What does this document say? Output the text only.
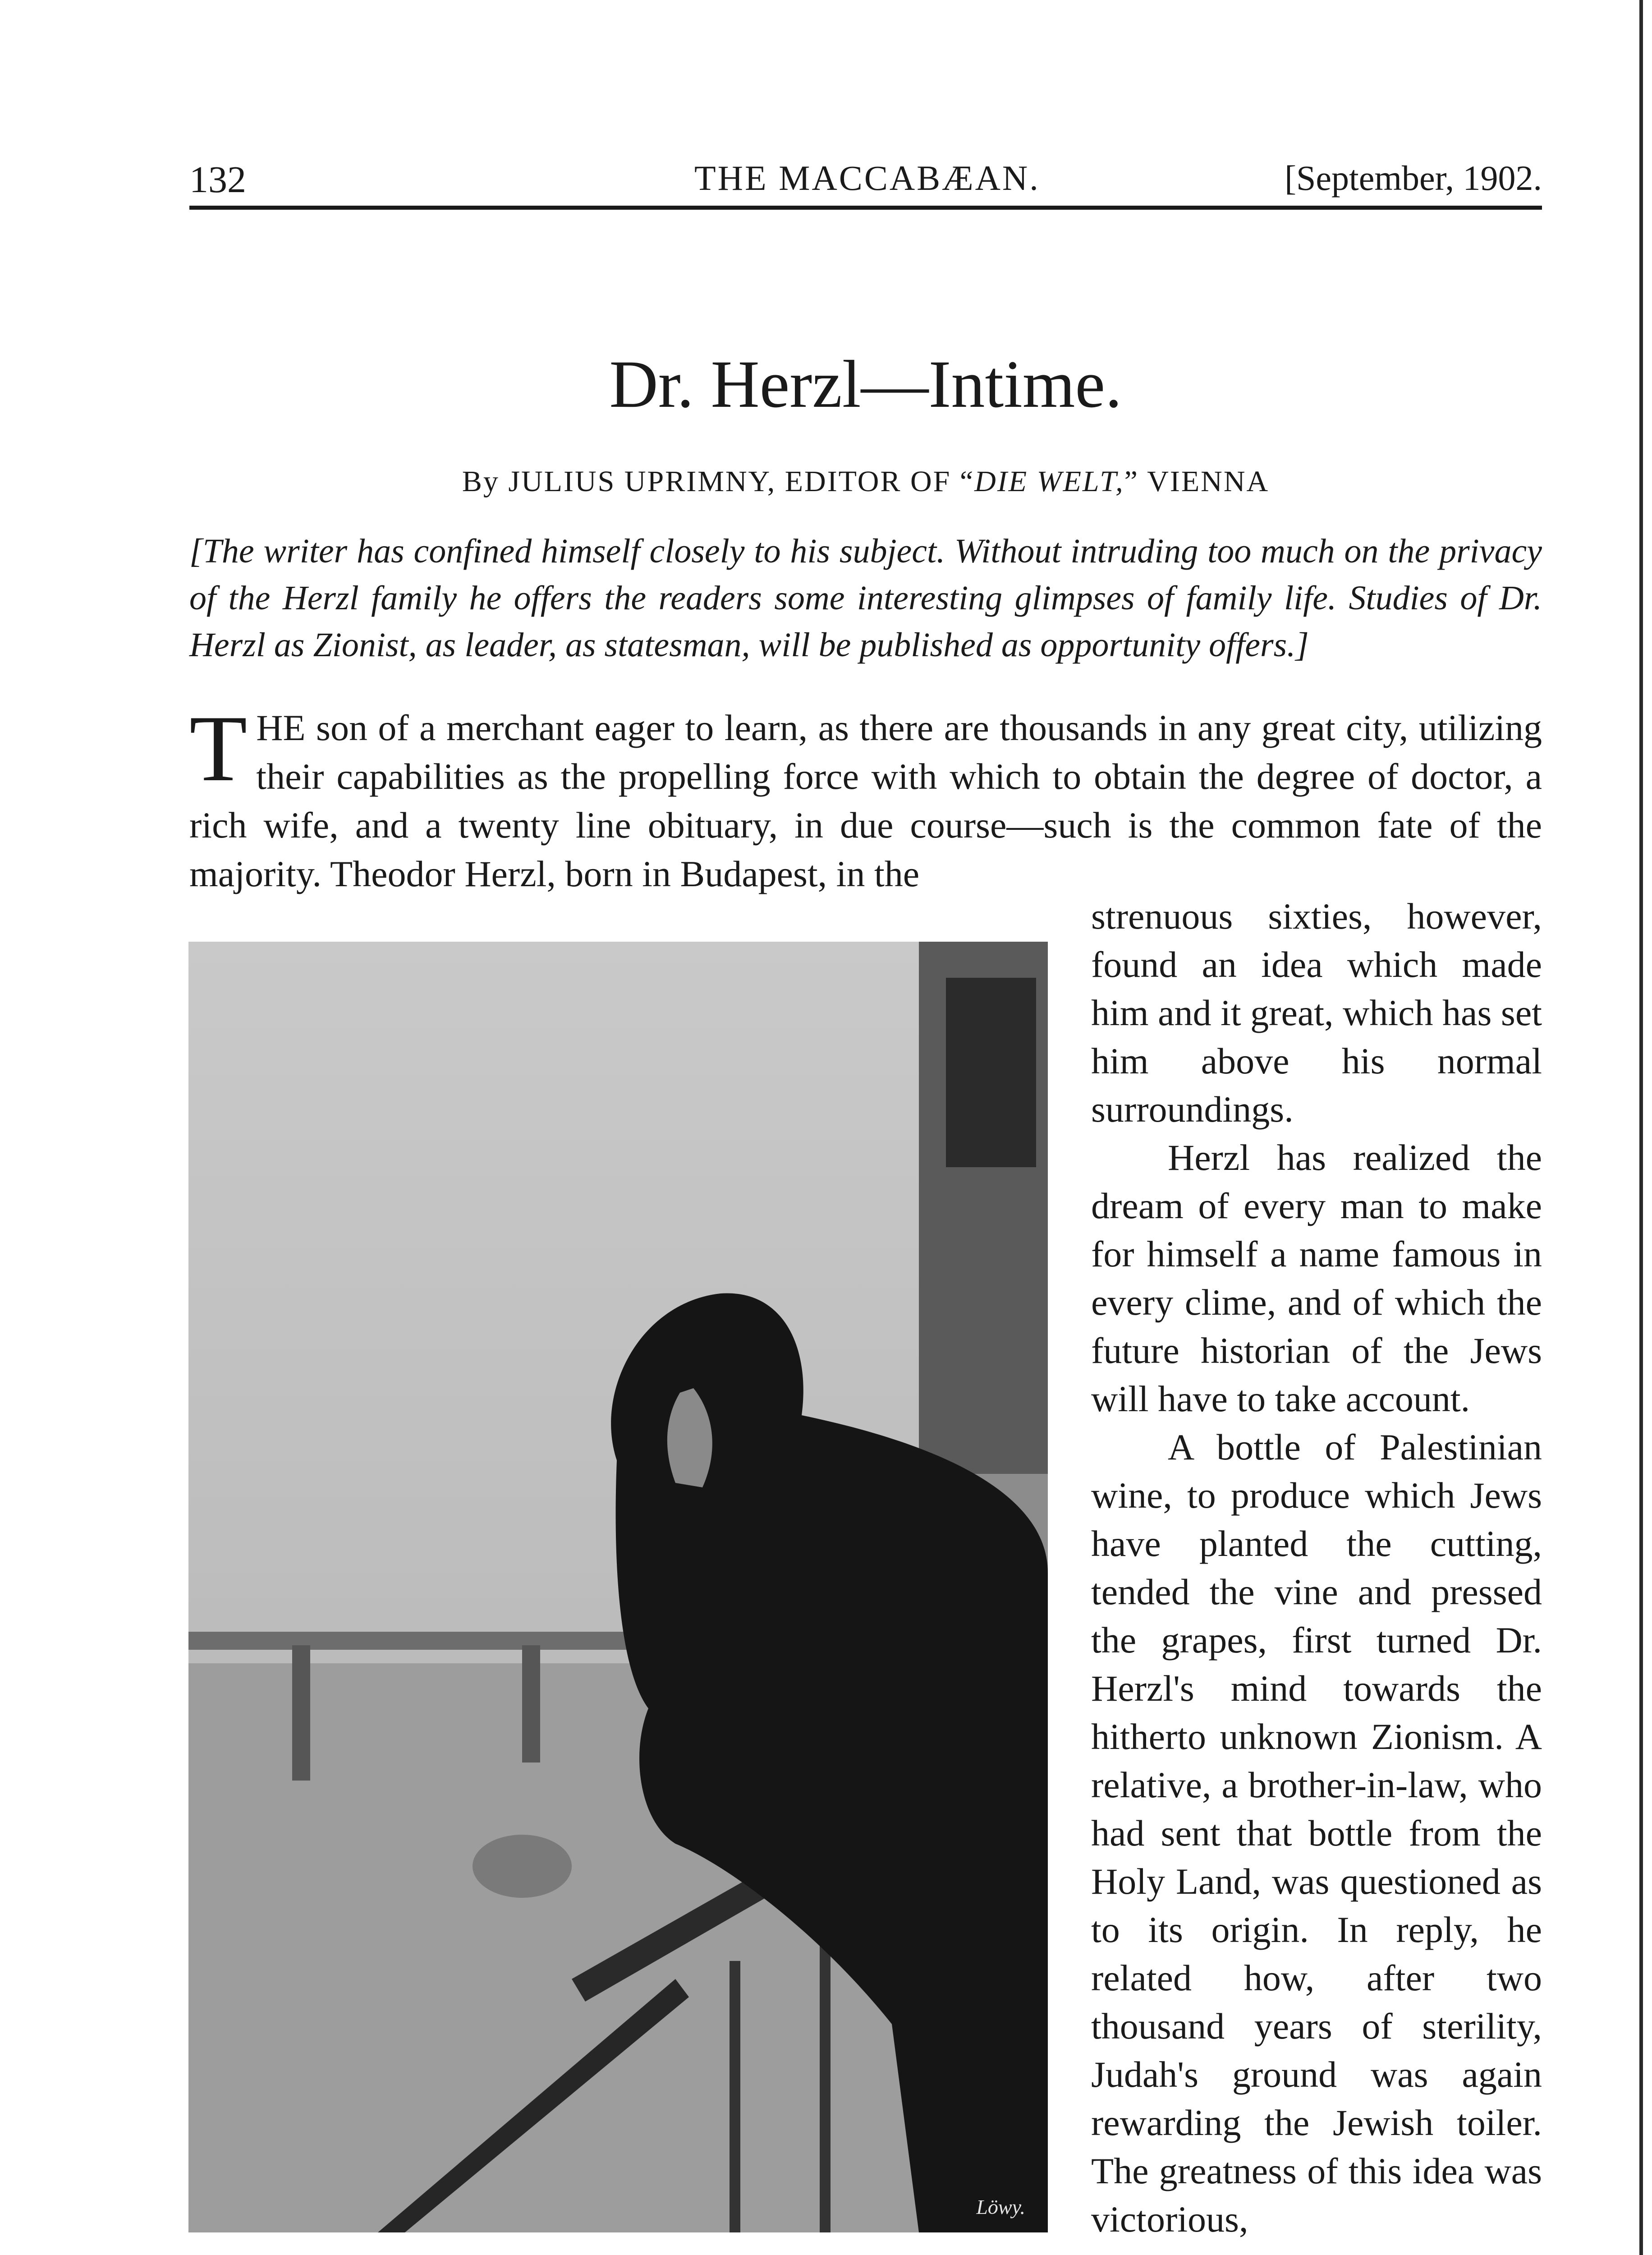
132	THE MACCABÆAN.	[September, 1902.
Dr. Herzl—Intime.
By JULIUS UPRIMNY, EDITOR OF “DIE WELT,” VIENNA
[The writer has confined himself closely to his subject. Without intruding too much on the privacy of the Herzl family he offers the readers some interesting glimpses of family life. Studies of Dr. Herzl as Zionist, as leader, as statesman, will be published as opportunity offers.]
THE son of a merchant eager to learn, as there are thousands in any great city, utilizing their capabilities as the propelling force with which to obtain the degree of doctor, a rich wife, and a twenty line obituary, in due course—such is the common fate of the majority. Theodor Herzl, born in Budapest, in the
Löwy.

strenuous sixties, however, found an idea which made him and it great, which has set him above his normal surroundings.

Herzl has realized the dream of every man to make for himself a name famous in every clime, and of which the future historian of the Jews will have to take account.

A bottle of Palestinian wine, to produce which Jews have planted the cutting, tended the vine and pressed the grapes, first turned Dr. Herzl's mind towards the hitherto unknown Zionism. A relative, a brother-in-law, who had sent that bottle from the Holy Land, was questioned as to its origin. In reply, he related how, after two thousand years of sterility, Judah's ground was again rewarding the Jewish toiler. The greatness of this idea was victorious,
